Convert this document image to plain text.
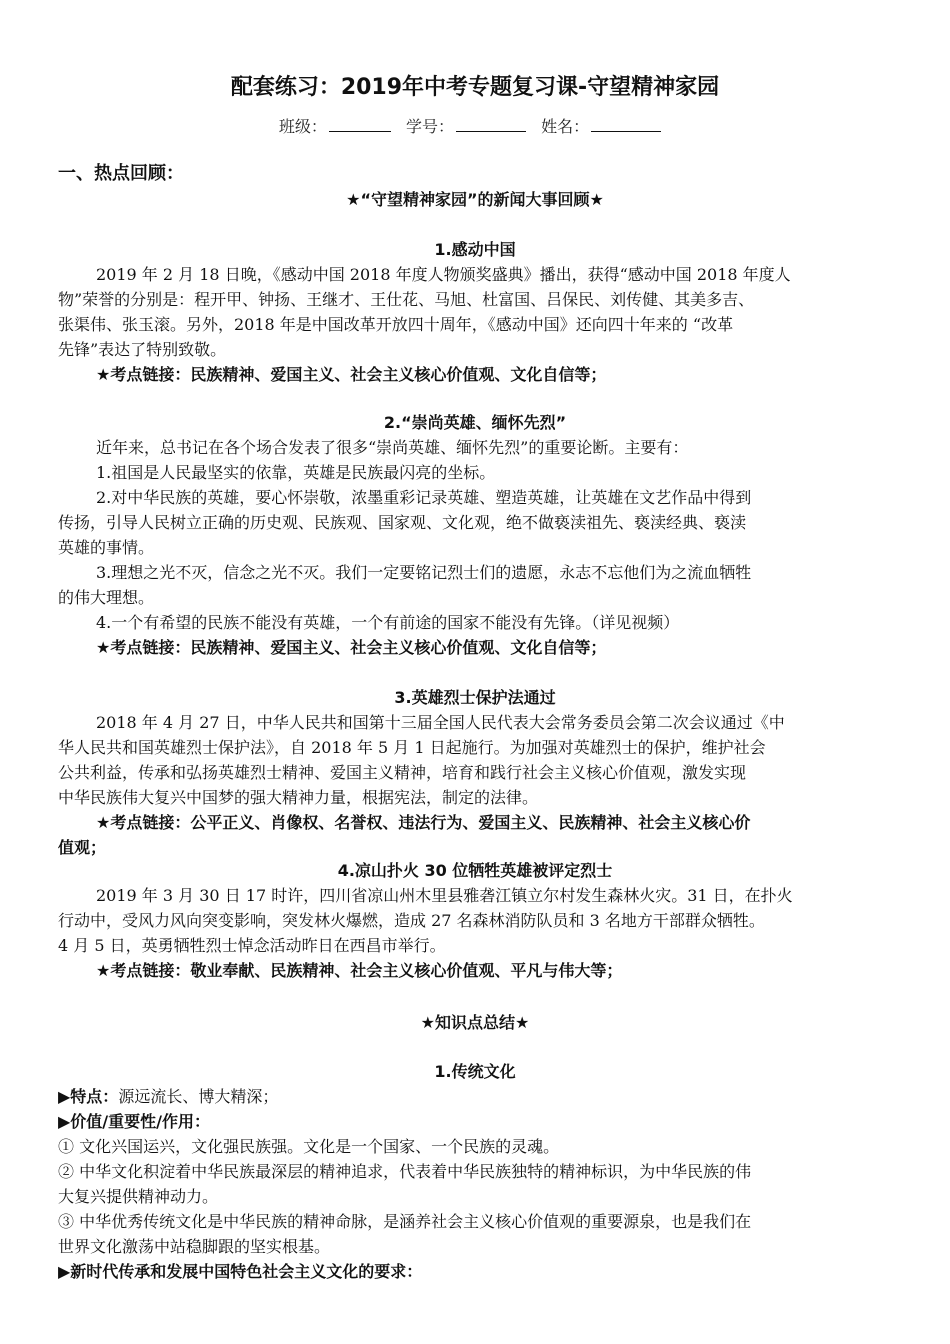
配套练习：2019年中考专题复习课-守望精神家园
班级：	学号：	姓名：
一、热点回顾：
★“守望精神家园”的新闻大事回顾★
1.感动中国
2019 年 2 月 18 日晚，《感动中国 2018 年度人物颁奖盛典》播出，获得“感动中国 2018 年度人
物”荣誉的分别是：程开甲、钟扬、王继才、王仕花、马旭、杜富国、吕保民、刘传健、其美多吉、
张渠伟、张玉滚。另外，2018 年是中国改革开放四十周年，《感动中国》还向四十年来的 “改革
先锋”表达了特别致敬。
★考点链接：民族精神、爱国主义、社会主义核心价值观、文化自信等；
2.“崇尚英雄、缅怀先烈”
近年来，总书记在各个场合发表了很多“崇尚英雄、缅怀先烈”的重要论断。主要有：
1.祖国是人民最坚实的依靠，英雄是民族最闪亮的坐标。
2.对中华民族的英雄，要心怀崇敬，浓墨重彩记录英雄、塑造英雄，让英雄在文艺作品中得到
传扬，引导人民树立正确的历史观、民族观、国家观、文化观，绝不做亵渎祖先、亵渎经典、亵渎
英雄的事情。
3.理想之光不灭，信念之光不灭。我们一定要铭记烈士们的遗愿，永志不忘他们为之流血牺牲
的伟大理想。
4.一个有希望的民族不能没有英雄，一个有前途的国家不能没有先锋。（详见视频）
★考点链接：民族精神、爱国主义、社会主义核心价值观、文化自信等；
3.英雄烈士保护法通过
2018 年 4 月 27 日，中华人民共和国第十三届全国人民代表大会常务委员会第二次会议通过《中
华人民共和国英雄烈士保护法》，自 2018 年 5 月 1 日起施行。为加强对英雄烈士的保护，维护社会
公共利益，传承和弘扬英雄烈士精神、爱国主义精神，培育和践行社会主义核心价值观，激发实现
中华民族伟大复兴中国梦的强大精神力量，根据宪法，制定的法律。
★考点链接：公平正义、肖像权、名誉权、违法行为、爱国主义、民族精神、社会主义核心价
值观；
4.凉山扑火 30 位牺牲英雄被评定烈士
2019 年 3 月 30 日 17 时许，四川省凉山州木里县雅砻江镇立尔村发生森林火灾。31 日，在扑火
行动中，受风力风向突变影响，突发林火爆燃，造成 27 名森林消防队员和 3 名地方干部群众牺牲。
4 月 5 日，英勇牺牲烈士悼念活动昨日在西昌市举行。
★考点链接：敬业奉献、民族精神、社会主义核心价值观、平凡与伟大等；
★知识点总结★
1.传统文化
▶特点：源远流长、博大精深；
▶价值/重要性/作用：
① 文化兴国运兴，文化强民族强。文化是一个国家、一个民族的灵魂。
② 中华文化积淀着中华民族最深层的精神追求，代表着中华民族独特的精神标识，为中华民族的伟
大复兴提供精神动力。
③ 中华优秀传统文化是中华民族的精神命脉，是涵养社会主义核心价值观的重要源泉，也是我们在
世界文化激荡中站稳脚跟的坚实根基。
▶新时代传承和发展中国特色社会主义文化的要求：
